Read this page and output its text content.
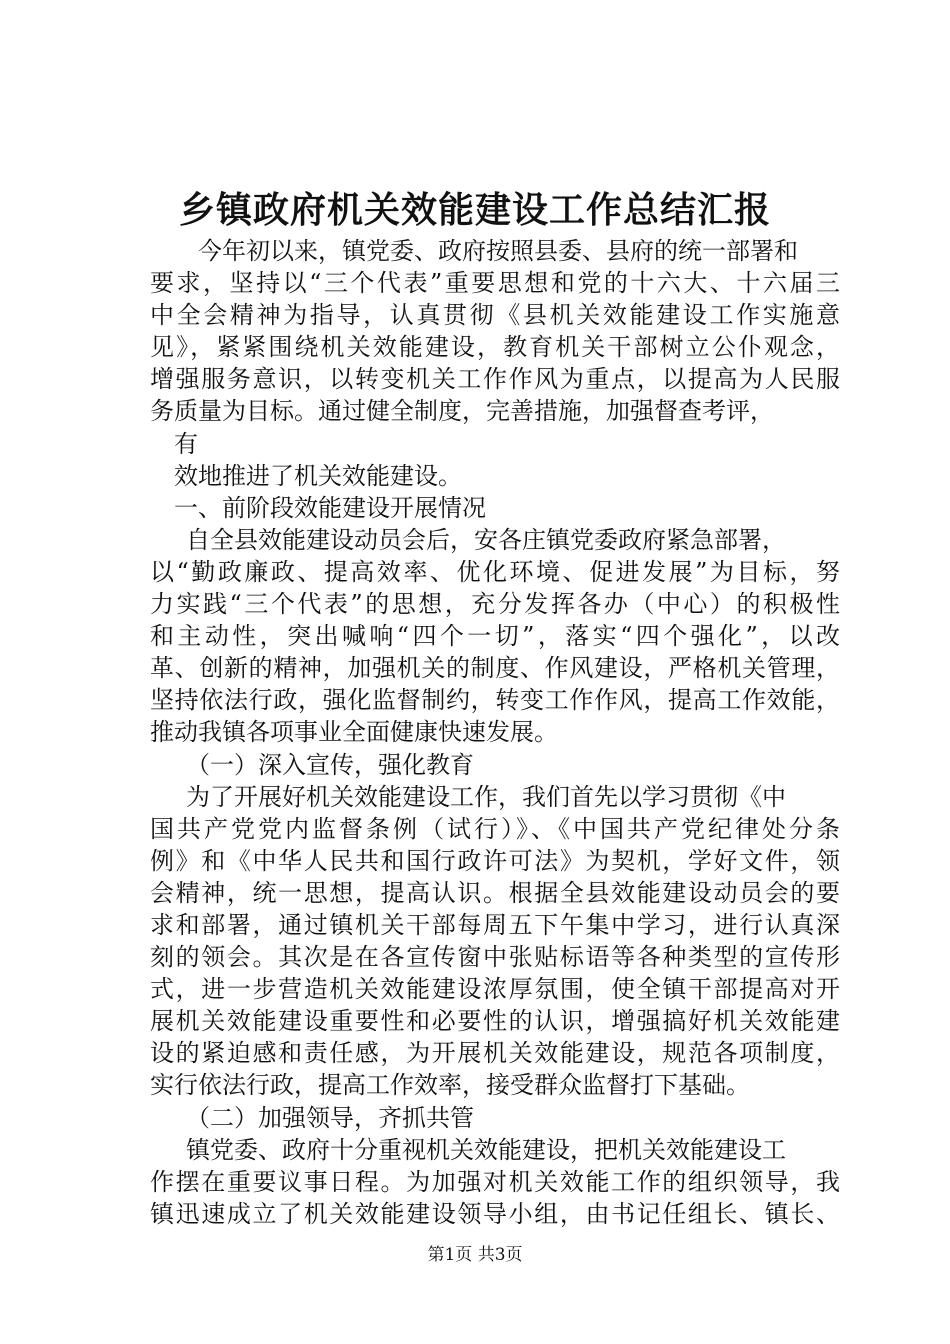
乡镇政府机关效能建设工作总结汇报
今年初以来，镇党委、政府按照县委、县府的统一部署和
要求，坚持以“三个代表”重要思想和党的十六大、十六届三
中全会精神为指导，认真贯彻《县机关效能建设工作实施意
见》，紧紧围绕机关效能建设，教育机关干部树立公仆观念，
增强服务意识，以转变机关工作作风为重点，以提高为人民服
务质量为目标。通过健全制度，完善措施，加强督查考评，
有
效地推进了机关效能建设。
一、前阶段效能建设开展情况
自全县效能建设动员会后，安各庄镇党委政府紧急部署，
以“勤政廉政、提高效率、优化环境、促进发展”为目标，努
力实践“三个代表”的思想，充分发挥各办（中心）的积极性
和主动性，突出喊响“四个一切”，落实“四个强化”，以改
革、创新的精神，加强机关的制度、作风建设，严格机关管理，
坚持依法行政，强化监督制约，转变工作作风，提高工作效能，
推动我镇各项事业全面健康快速发展。
（一）深入宣传，强化教育
为了开展好机关效能建设工作，我们首先以学习贯彻《中
国共产党党内监督条例（试行）》、《中国共产党纪律处分条
例》和《中华人民共和国行政许可法》为契机，学好文件，领
会精神，统一思想，提高认识。根据全县效能建设动员会的要
求和部署，通过镇机关干部每周五下午集中学习，进行认真深
刻的领会。其次是在各宣传窗中张贴标语等各种类型的宣传形
式，进一步营造机关效能建设浓厚氛围，使全镇干部提高对开
展机关效能建设重要性和必要性的认识，增强搞好机关效能建
设的紧迫感和责任感，为开展机关效能建设，规范各项制度，
实行依法行政，提高工作效率，接受群众监督打下基础。
（二）加强领导，齐抓共管
镇党委、政府十分重视机关效能建设，把机关效能建设工
作摆在重要议事日程。为加强对机关效能工作的组织领导，我
镇迅速成立了机关效能建设领导小组，由书记任组长、镇长、
第1页 共3页
